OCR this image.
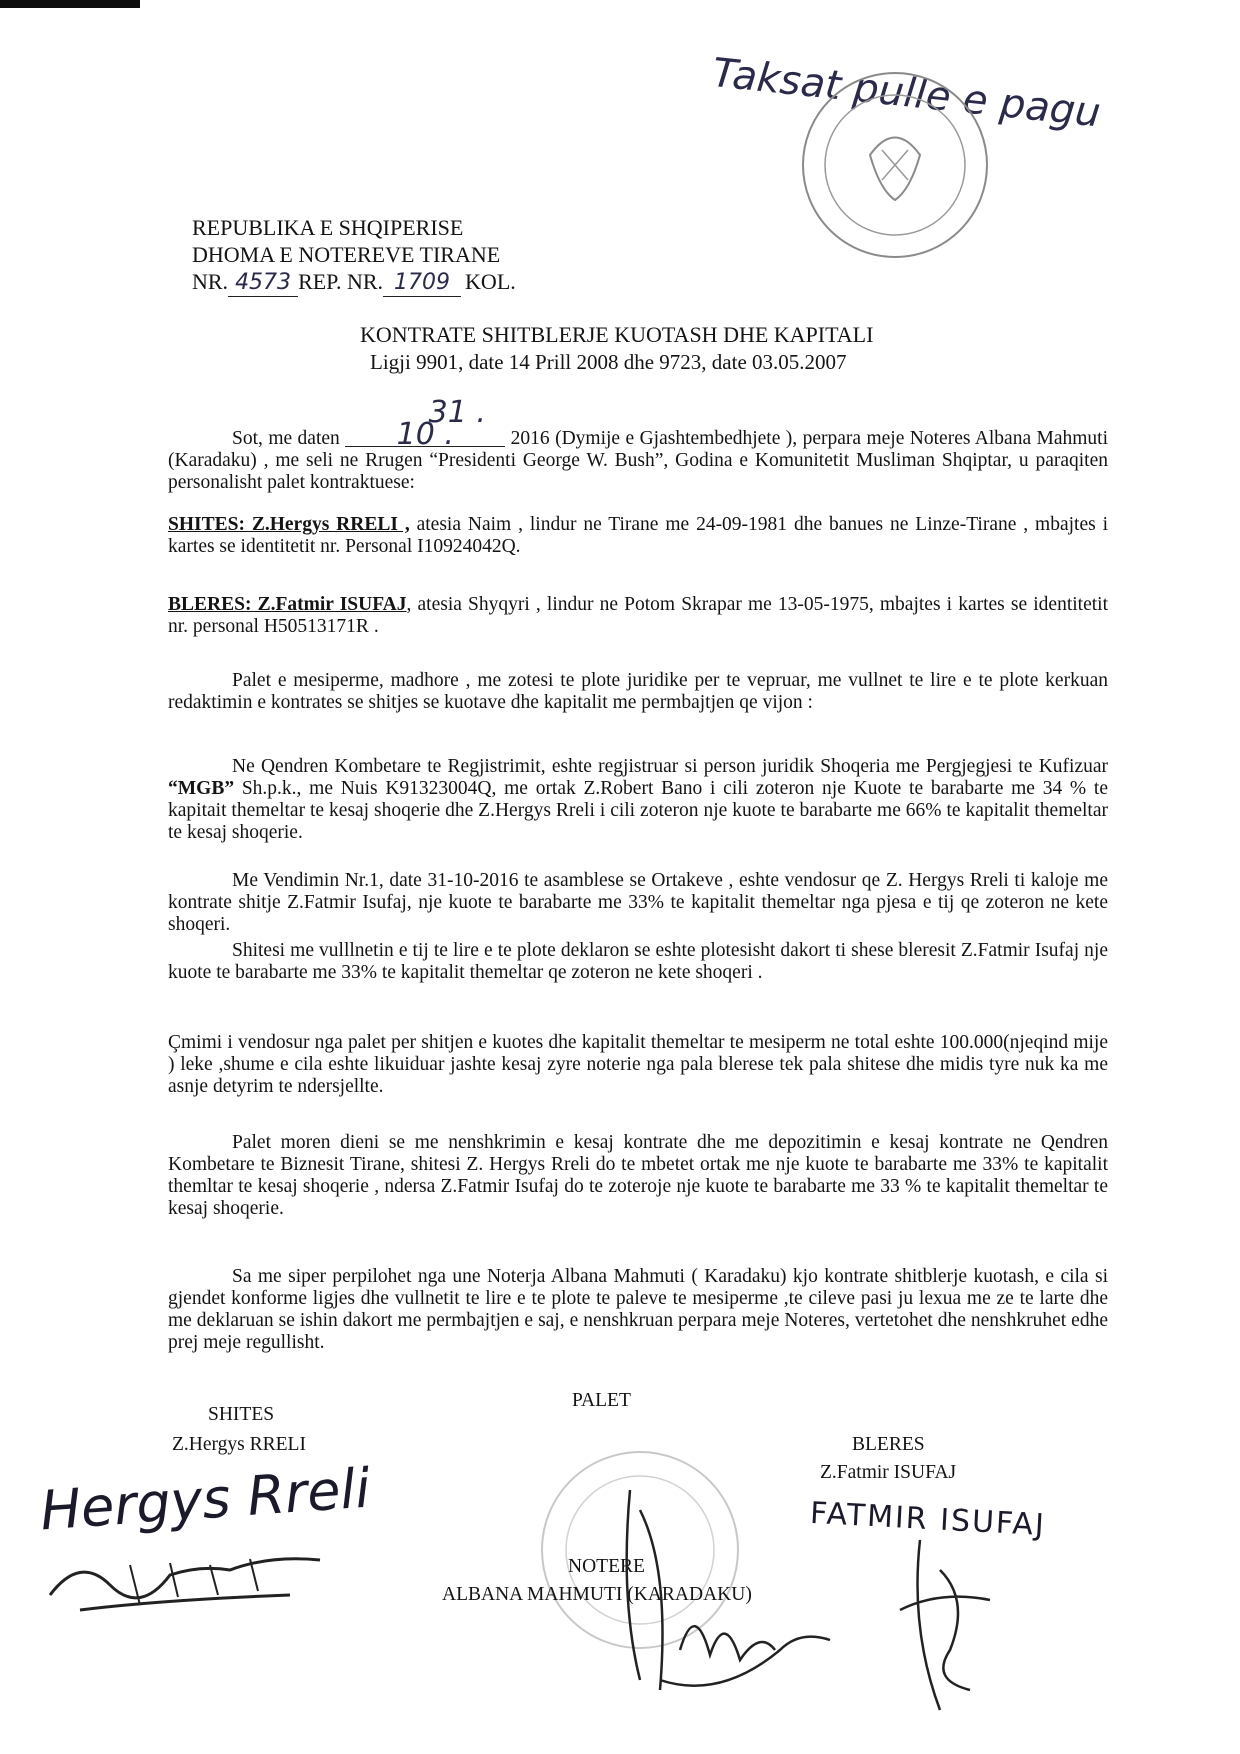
Taksat pulle e pagu
REPUBLIKA E SHQIPERISE
DHOMA E NOTEREVE TIRANE
NR. 4573 REP. NR. 1709 KOL.
KONTRATE SHITBLERJE KUOTASH DHE KAPITALI
Ligji 9901, date 14 Prill 2008 dhe 9723, date 03.05.2007

Sot, me daten 31 . 10 .	2016 (Dymije e Gjashtembedhjete ), perpara meje Noteres Albana Mahmuti (Karadaku) , me seli ne Rrugen “Presidenti George W. Bush”, Godina e Komunitetit Musliman Shqiptar, u paraqiten personalisht palet kontraktuese:

SHITES: Z.Hergys RRELI , atesia Naim , lindur ne Tirane me 24-09-1981 dhe banues ne Linze-Tirane , mbajtes i kartes se identitetit nr. Personal I10924042Q.

BLERES: Z.Fatmir ISUFAJ, atesia Shyqyri , lindur ne Potom Skrapar me 13-05-1975, mbajtes i kartes se identitetit nr. personal H50513171R .

Palet e mesiperme, madhore , me zotesi te plote juridike per te vepruar, me vullnet te lire e te plote kerkuan redaktimin e kontrates se shitjes se kuotave dhe kapitalit me permbajtjen qe vijon :

Ne Qendren Kombetare te Regjistrimit, eshte regjistruar si person juridik Shoqeria me Pergjegjesi te Kufizuar “MGB” Sh.p.k., me Nuis K91323004Q, me ortak Z.Robert Bano i cili zoteron nje Kuote te barabarte me 34 % te kapitait themeltar te kesaj shoqerie dhe Z.Hergys Rreli i cili zoteron nje kuote te barabarte me 66% te kapitalit themeltar te kesaj shoqerie.

Me Vendimin Nr.1, date 31-10-2016 te asamblese se Ortakeve , eshte vendosur qe Z. Hergys Rreli ti kaloje me kontrate shitje Z.Fatmir Isufaj, nje kuote te barabarte me 33% te kapitalit themeltar nga pjesa e tij qe zoteron ne kete shoqeri.

Shitesi me vulllnetin e tij te lire e te plote deklaron se eshte plotesisht dakort ti shese bleresit Z.Fatmir Isufaj nje kuote te barabarte me 33% te kapitalit themeltar qe zoteron ne kete shoqeri .

Çmimi i vendosur nga palet per shitjen e kuotes dhe kapitalit themeltar te mesiperm ne total eshte 100.000(njeqind mije ) leke ,shume e cila eshte likuiduar jashte kesaj zyre noterie nga pala blerese tek pala shitese dhe midis tyre nuk ka me asnje detyrim te ndersjellte.

Palet moren dieni se me nenshkrimin e kesaj kontrate dhe me depozitimin e kesaj kontrate ne Qendren Kombetare te Biznesit Tirane, shitesi Z. Hergys Rreli do te mbetet ortak me nje kuote te barabarte me 33% te kapitalit themltar te kesaj shoqerie , ndersa Z.Fatmir Isufaj do te zoteroje nje kuote te barabarte me 33 % te kapitalit themeltar te kesaj shoqerie.

Sa me siper perpilohet nga une Noterja Albana Mahmuti ( Karadaku) kjo kontrate shitblerje kuotash, e cila si gjendet konforme ligjes dhe vullnetit te lire e te plote te paleve te mesiperme ,te cileve pasi ju lexua me ze te larte dhe me deklaruan se ishin dakort me permbajtjen e saj, e nenshkruan perpara meje Noteres, vertetohet dhe nenshkruhet edhe prej meje regullisht.

PALET
SHITES
Z.Hergys RRELI	BLERES
Z.Fatmir ISUFAJ
Hergys Rreli	FATMIR ISUFAJ
NOTERE
ALBANA MAHMUTI (KARADAKU)
